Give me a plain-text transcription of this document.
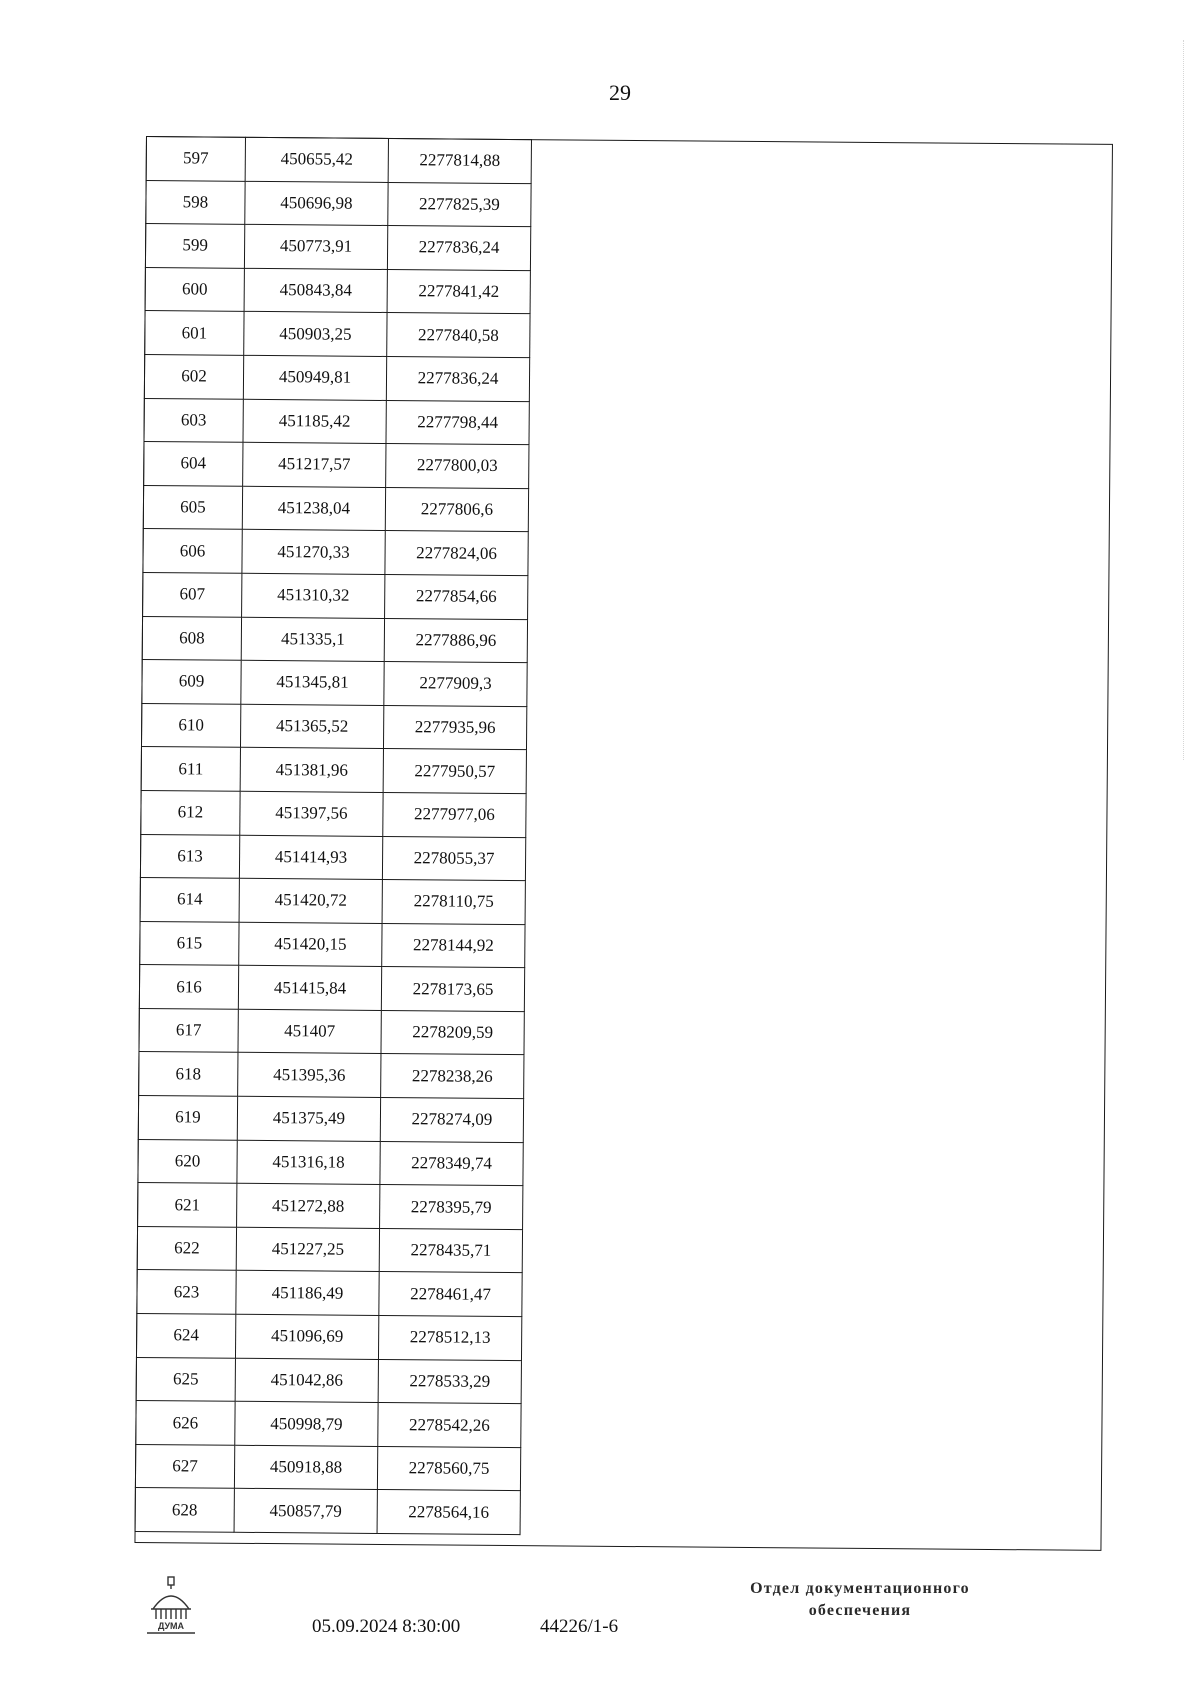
29
597	450655,42	2277814,88
598	450696,98	2277825,39
599	450773,91	2277836,24
600	450843,84	2277841,42
601	450903,25	2277840,58
602	450949,81	2277836,24
603	451185,42	2277798,44
604	451217,57	2277800,03
605	451238,04	2277806,6
606	451270,33	2277824,06
607	451310,32	2277854,66
608	451335,1	2277886,96
609	451345,81	2277909,3
610	451365,52	2277935,96
611	451381,96	2277950,57
612	451397,56	2277977,06
613	451414,93	2278055,37
614	451420,72	2278110,75
615	451420,15	2278144,92
616	451415,84	2278173,65
617	451407	2278209,59
618	451395,36	2278238,26
619	451375,49	2278274,09
620	451316,18	2278349,74
621	451272,88	2278395,79
622	451227,25	2278435,71
623	451186,49	2278461,47
624	451096,69	2278512,13
625	451042,86	2278533,29
626	450998,79	2278542,26
627	450918,88	2278560,75
628	450857,79	2278564,16
ДУМА	05.09.2024 8:30:00	44226/1-6
Отдел документационного
обеспечения
